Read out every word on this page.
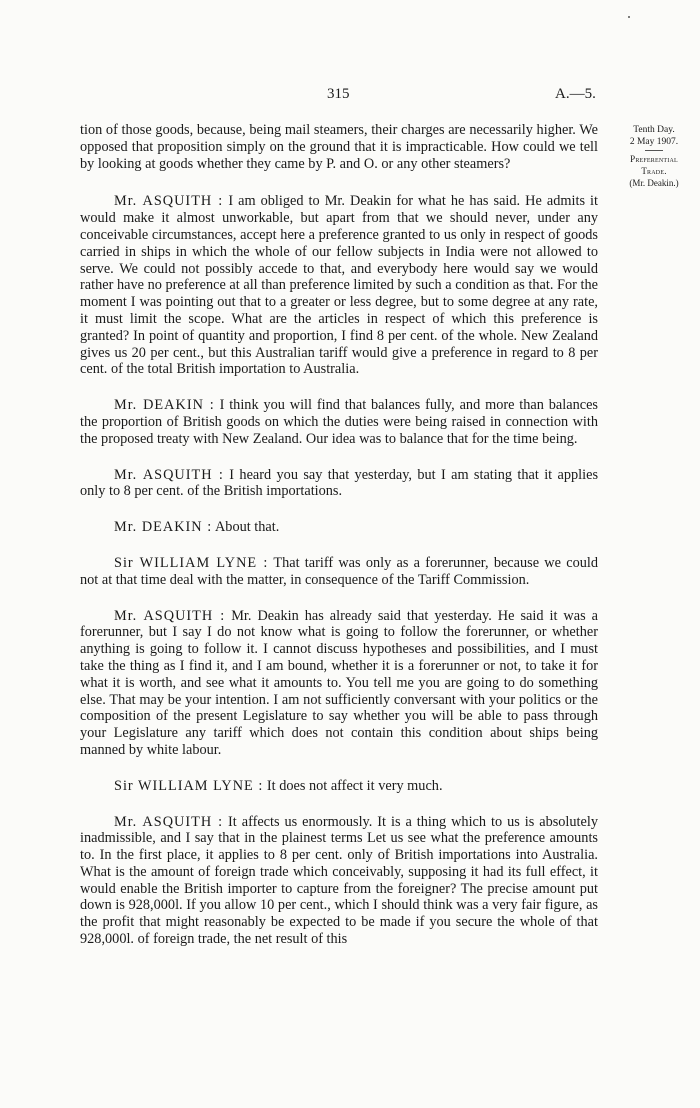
315	A.—5.
Tenth Day.
2 May 1907.
Preferential
Trade.
(Mr. Deakin.)

tion of those goods, because, being mail steamers, their charges are necessarily higher. We opposed that proposition simply on the ground that it is impracticable. How could we tell by looking at goods whether they came by P. and O. or any other steamers?

Mr. ASQUITH : I am obliged to Mr. Deakin for what he has said. He admits it would make it almost unworkable, but apart from that we should never, under any conceivable circumstances, accept here a preference granted to us only in respect of goods carried in ships in which the whole of our fellow subjects in India were not allowed to serve. We could not possibly accede to that, and everybody here would say we would rather have no preference at all than preference limited by such a condition as that. For the moment I was pointing out that to a greater or less degree, but to some degree at any rate, it must limit the scope. What are the articles in respect of which this preference is granted? In point of quantity and proportion, I find 8 per cent. of the whole. New Zealand gives us 20 per cent., but this Australian tariff would give a preference in regard to 8 per cent. of the total British importation to Australia.

Mr. DEAKIN : I think you will find that balances fully, and more than balances the proportion of British goods on which the duties were being raised in connection with the proposed treaty with New Zealand. Our idea was to balance that for the time being.

Mr. ASQUITH : I heard you say that yesterday, but I am stating that it applies only to 8 per cent. of the British importations.

Mr. DEAKIN : About that.

Sir WILLIAM LYNE : That tariff was only as a forerunner, because we could not at that time deal with the matter, in consequence of the Tariff Commission.

Mr. ASQUITH : Mr. Deakin has already said that yesterday. He said it was a forerunner, but I say I do not know what is going to follow the forerunner, or whether anything is going to follow it. I cannot discuss hypotheses and possibilities, and I must take the thing as I find it, and I am bound, whether it is a forerunner or not, to take it for what it is worth, and see what it amounts to. You tell me you are going to do something else. That may be your intention. I am not sufficiently conversant with your politics or the composition of the present Legislature to say whether you will be able to pass through your Legislature any tariff which does not contain this condition about ships being manned by white labour.

Sir WILLIAM LYNE : It does not affect it very much.

Mr. ASQUITH : It affects us enormously. It is a thing which to us is absolutely inadmissible, and I say that in the plainest terms Let us see what the preference amounts to. In the first place, it applies to 8 per cent. only of British importations into Australia. What is the amount of foreign trade which conceivably, supposing it had its full effect, it would enable the British importer to capture from the foreigner? The precise amount put down is 928,000l. If you allow 10 per cent., which I should think was a very fair figure, as the profit that might reasonably be expected to be made if you secure the whole of that 928,000l. of foreign trade, the net result of this
